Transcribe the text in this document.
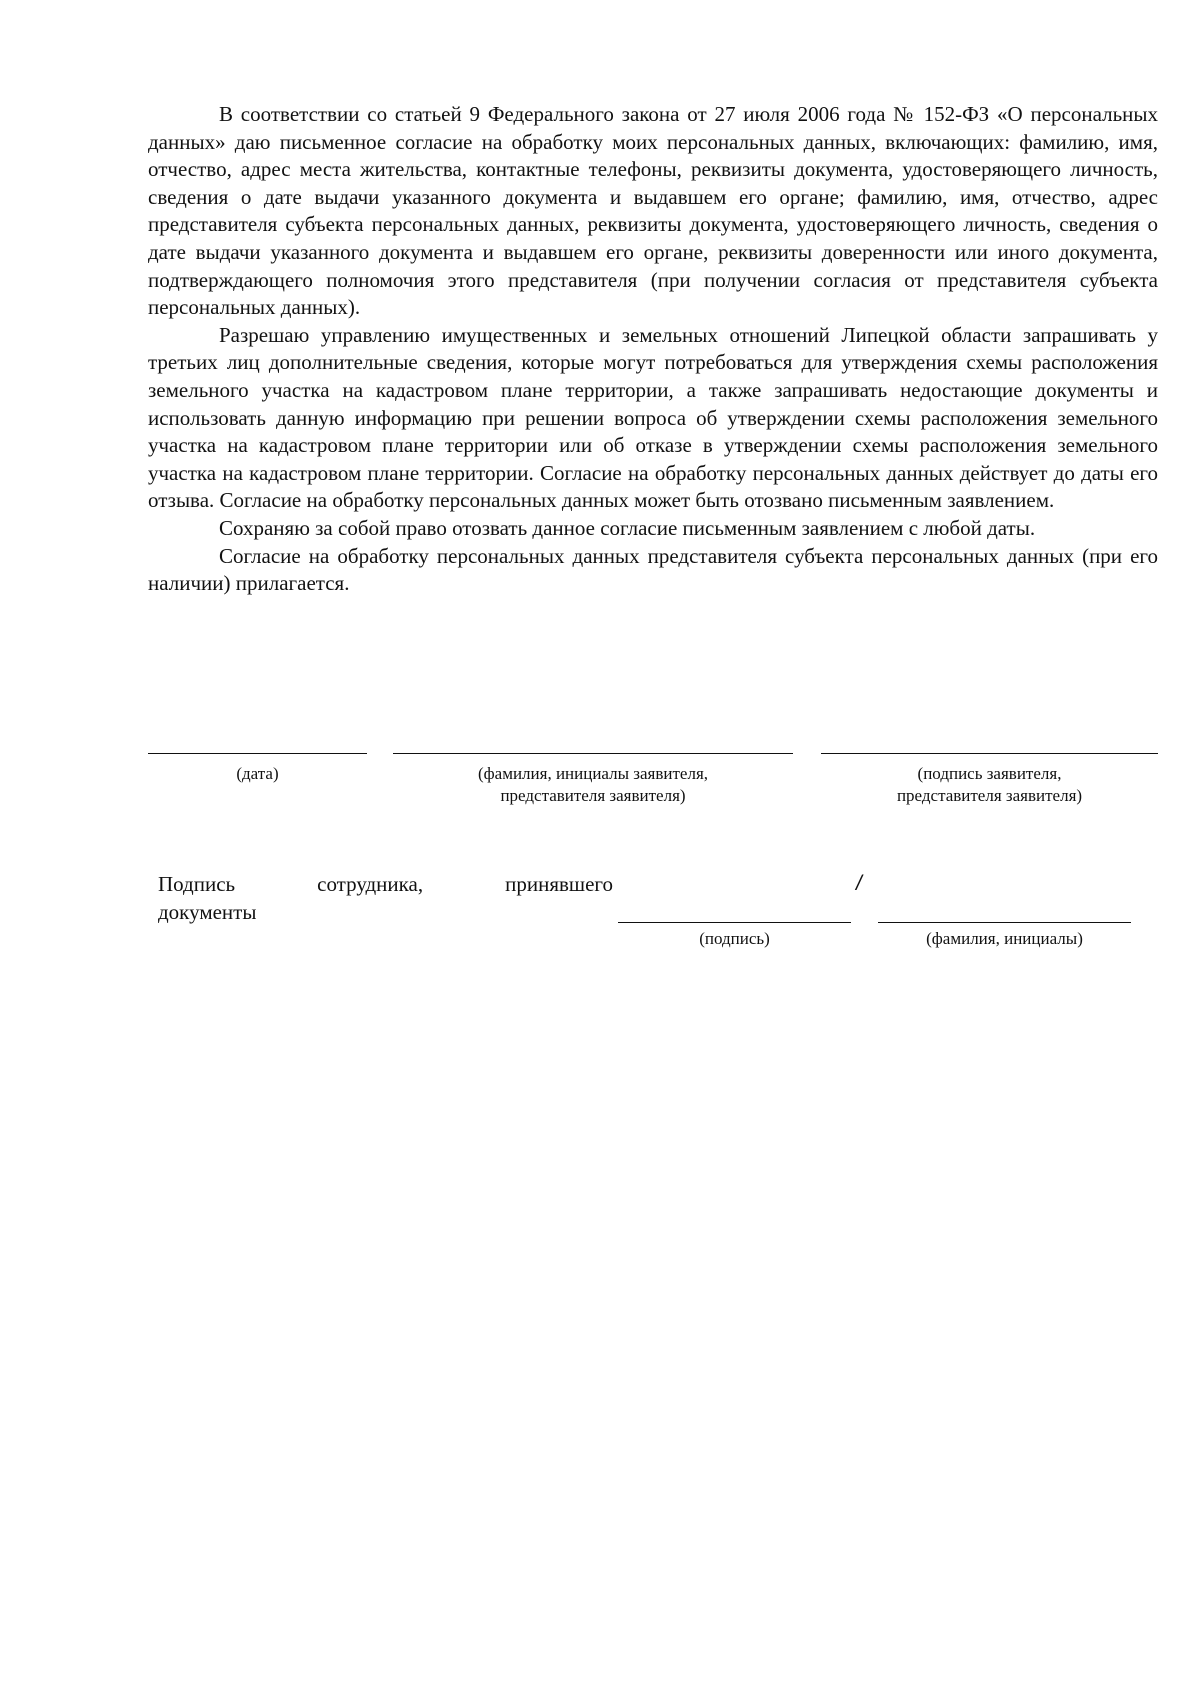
В соответствии со статьей 9 Федерального закона от 27 июля 2006 года № 152-ФЗ «О персональных данных» даю письменное согласие на обработку моих персональных данных, включающих: фамилию, имя, отчество, адрес места жительства, контактные телефоны, реквизиты документа, удостоверяющего личность, сведения о дате выдачи указанного документа и выдавшем его органе; фамилию, имя, отчество, адрес представителя субъекта персональных данных, реквизиты документа, удостоверяющего личность, сведения о дате выдачи указанного документа и выдавшем его органе, реквизиты доверенности или иного документа, подтверждающего полномочия этого представителя (при получении согласия от представителя субъекта персональных данных).

Разрешаю управлению имущественных и земельных отношений Липецкой области запрашивать у третьих лиц дополнительные сведения, которые могут потребоваться для утверждения схемы расположения земельного участка на кадастровом плане территории, а также запрашивать недостающие документы и использовать данную информацию при решении вопроса об утверждении схемы расположения земельного участка на кадастровом плане территории или об отказе в утверждении схемы расположения земельного участка на кадастровом плане территории. Согласие на обработку персональных данных действует до даты его отзыва. Согласие на обработку персональных данных может быть отозвано письменным заявлением.

Сохраняю за собой право отозвать данное согласие письменным заявлением с любой даты.

Согласие на обработку персональных данных представителя субъекта персональных данных (при его наличии) прилагается.

(дата)	(фамилия, инициалы заявителя,
представителя заявителя)
(подпись заявителя,
представителя заявителя)
Подпись сотрудника, принявшего
документы
/
(подпись)	(фамилия, инициалы)
